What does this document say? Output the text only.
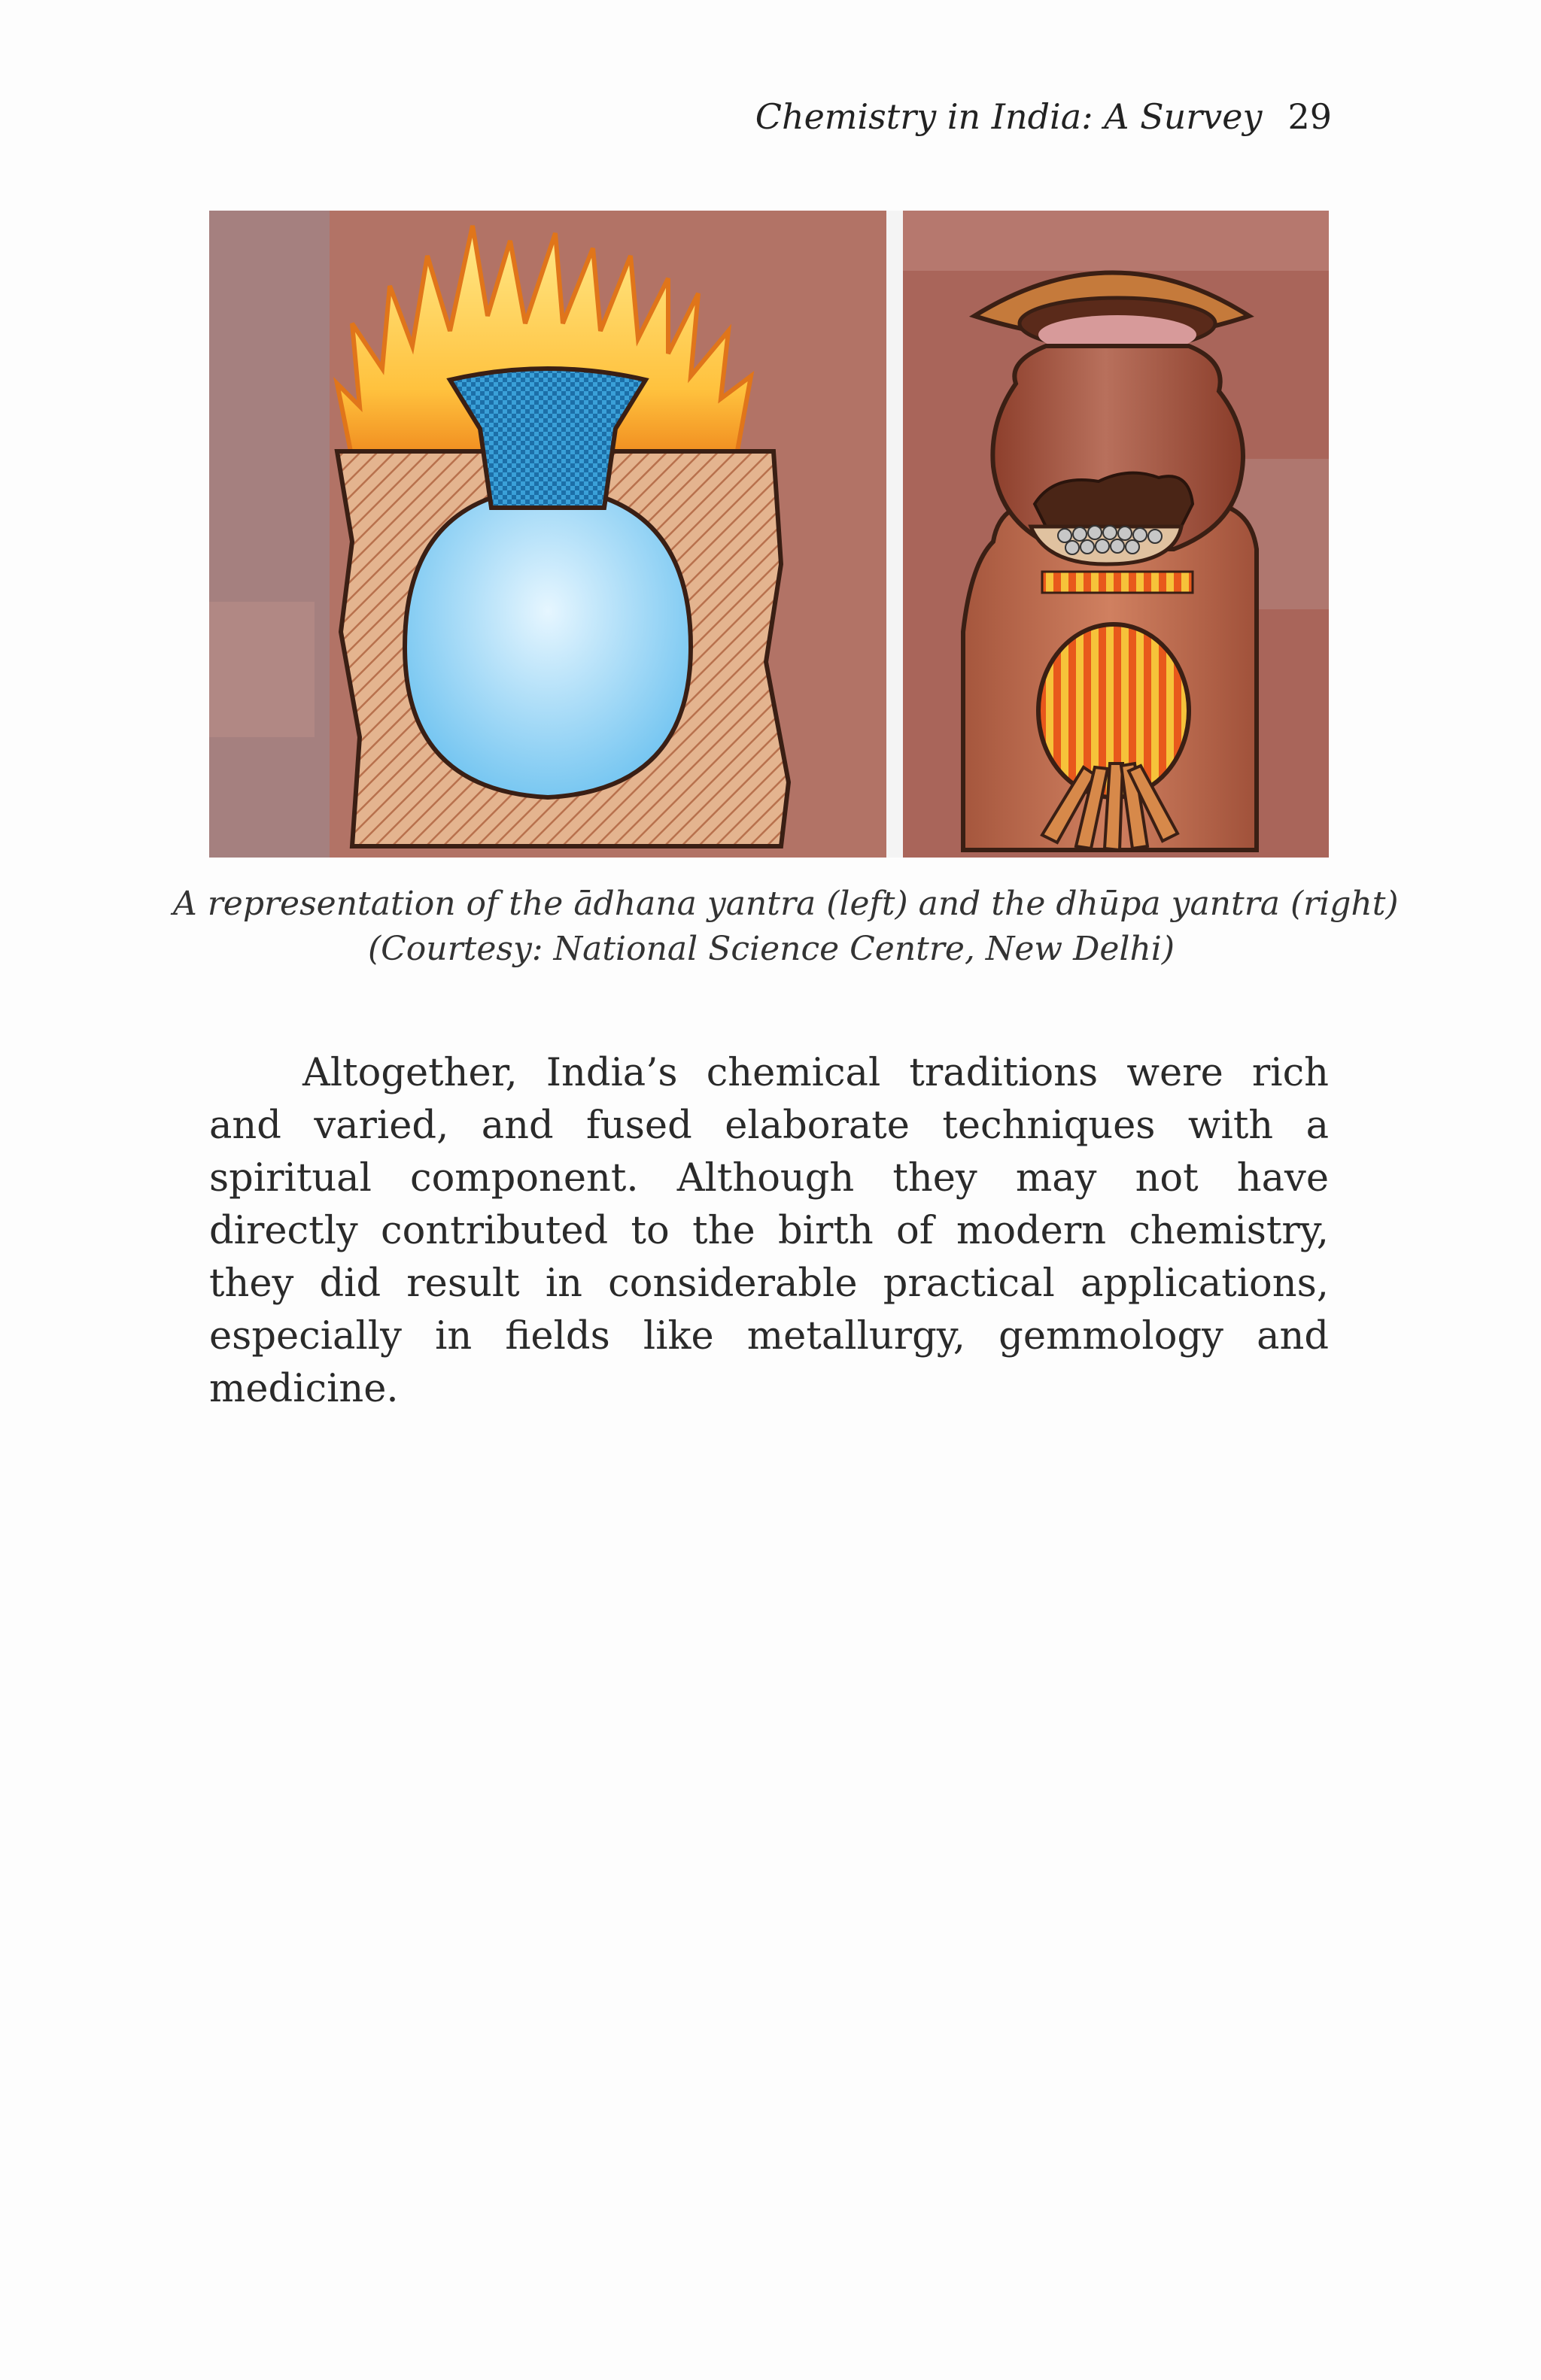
Chemistry in India: A Survey 29
A representation of the ādhana yantra (left) and the dhūpa yantra (right)
(Courtesy: National Science Centre, New Delhi)

Altogether, India’s chemical traditions were rich and varied, and fused elaborate techniques with a spiritual component. Although they may not have directly contributed to the birth of modern chemistry, they did result in considerable practical applications, especially in fields like metallurgy, gemmology and medicine.
